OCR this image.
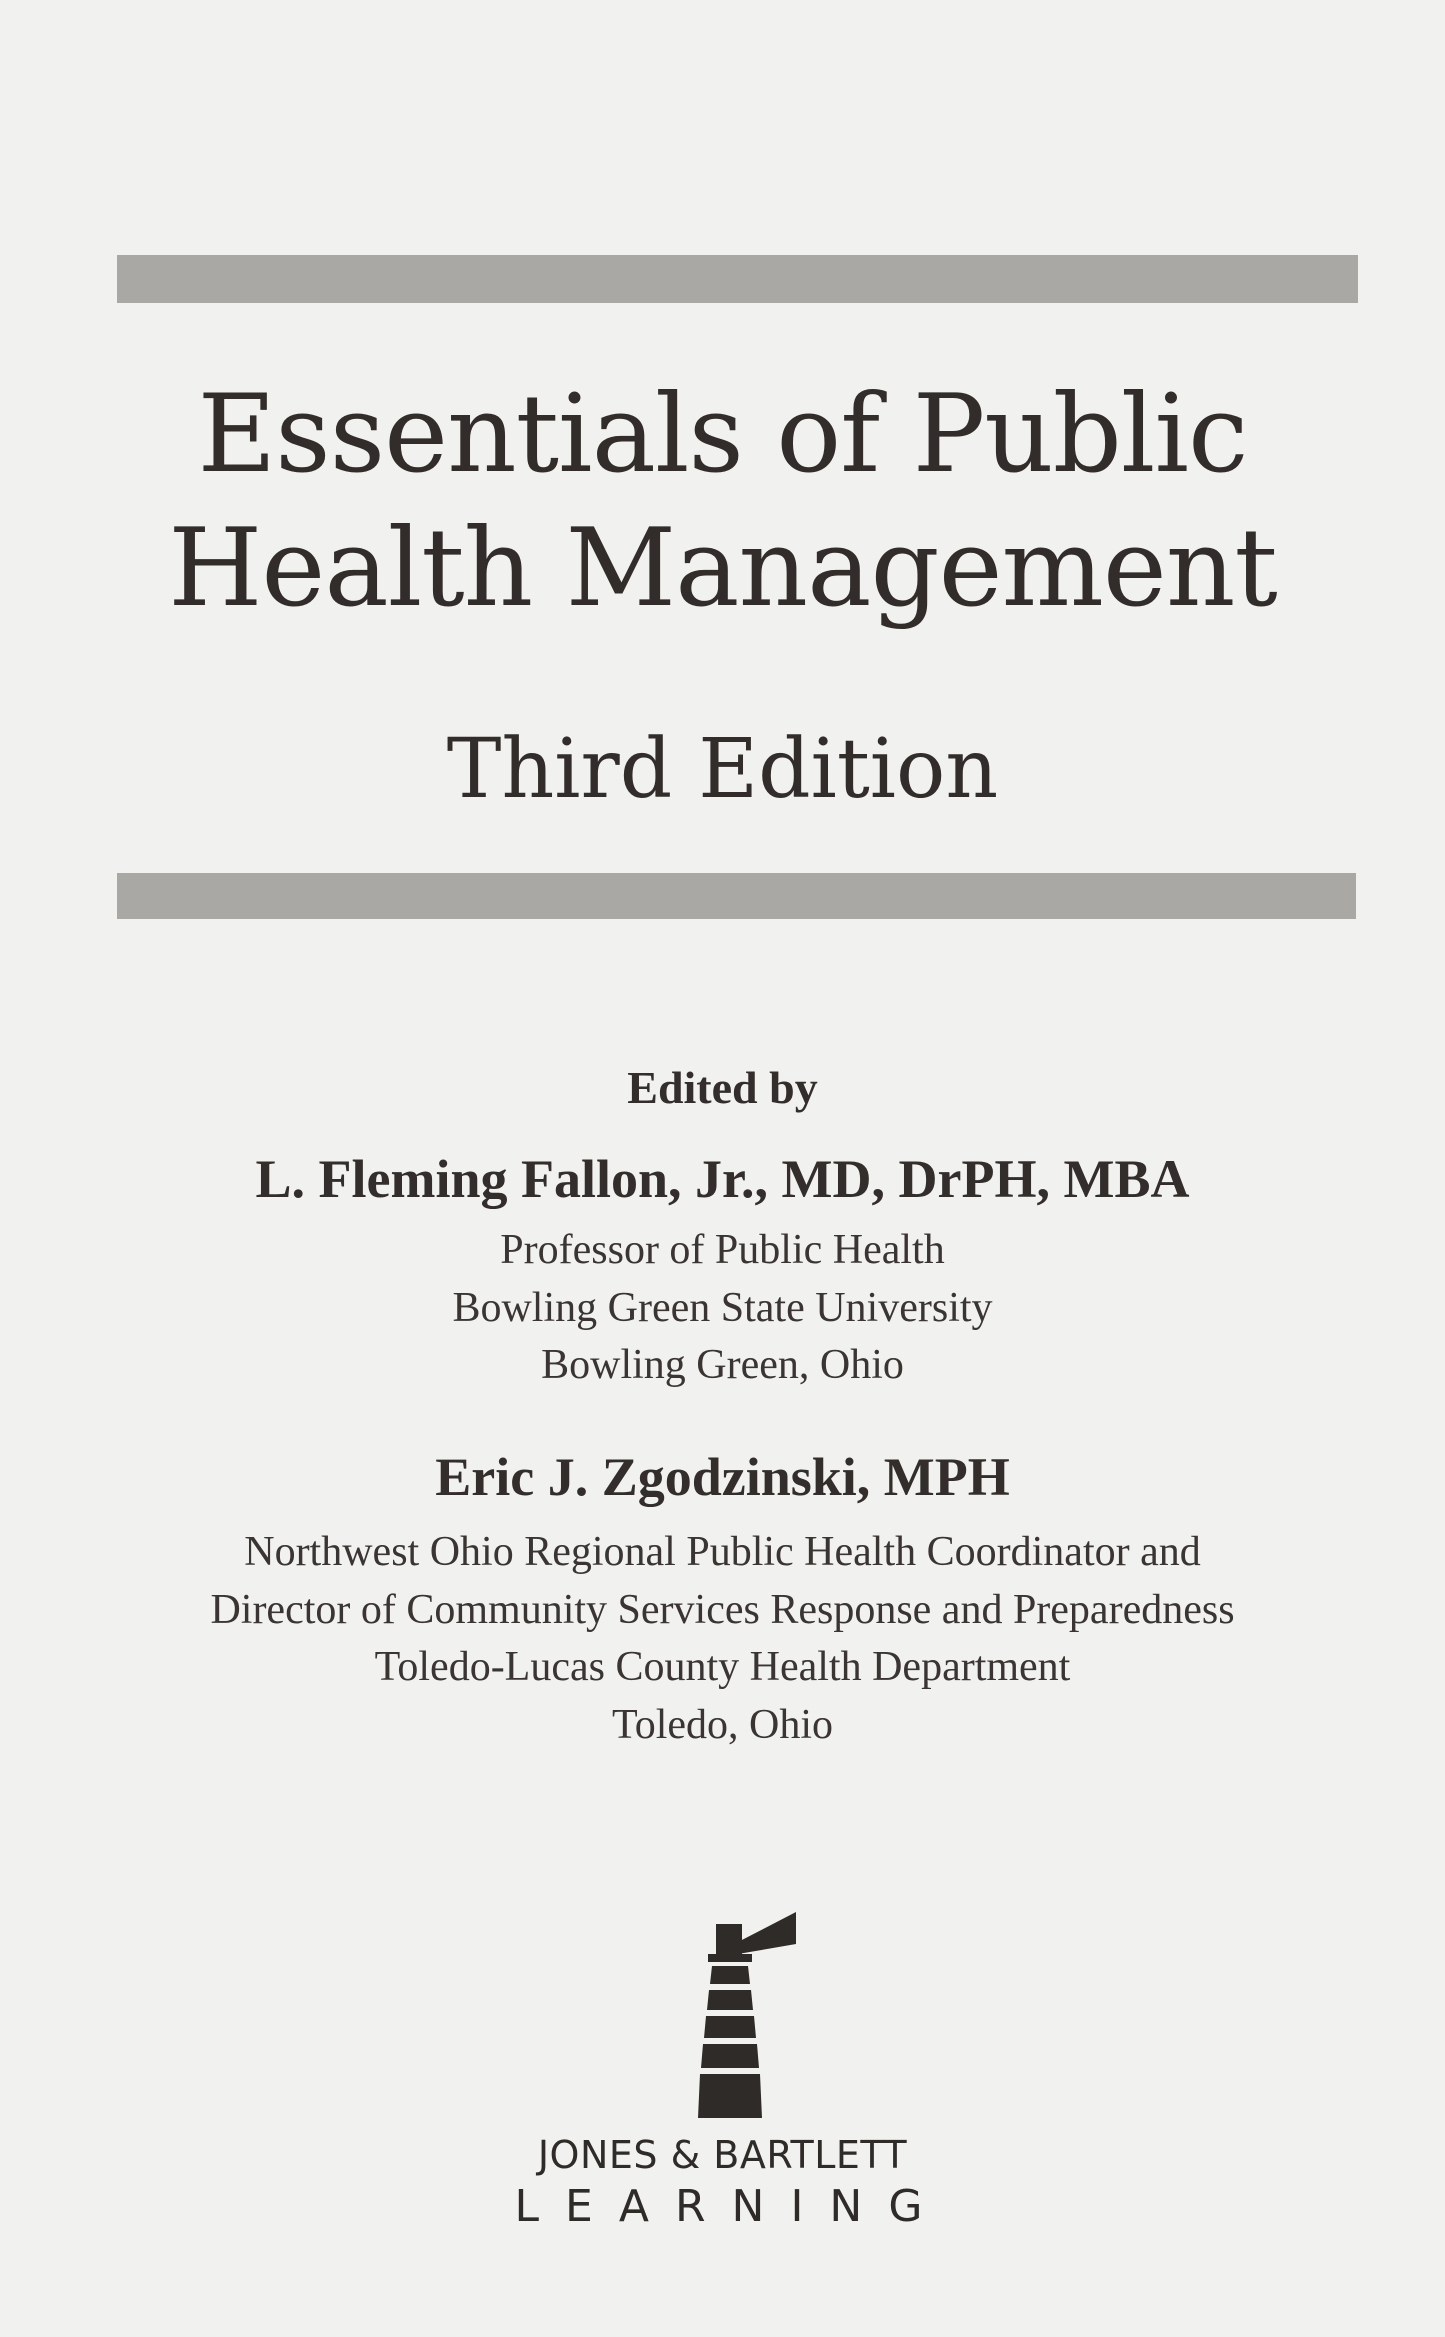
Essentials of Public
Health Management
Third Edition
Edited by
L. Fleming Fallon, Jr., MD, DrPH, MBA
Professor of Public Health
Bowling Green State University
Bowling Green, Ohio
Eric J. Zgodzinski, MPH
Northwest Ohio Regional Public Health Coordinator and
Director of Community Services Response and Preparedness
Toledo-Lucas County Health Department
Toledo, Ohio
JONES & BARTLETT
LEARNING
